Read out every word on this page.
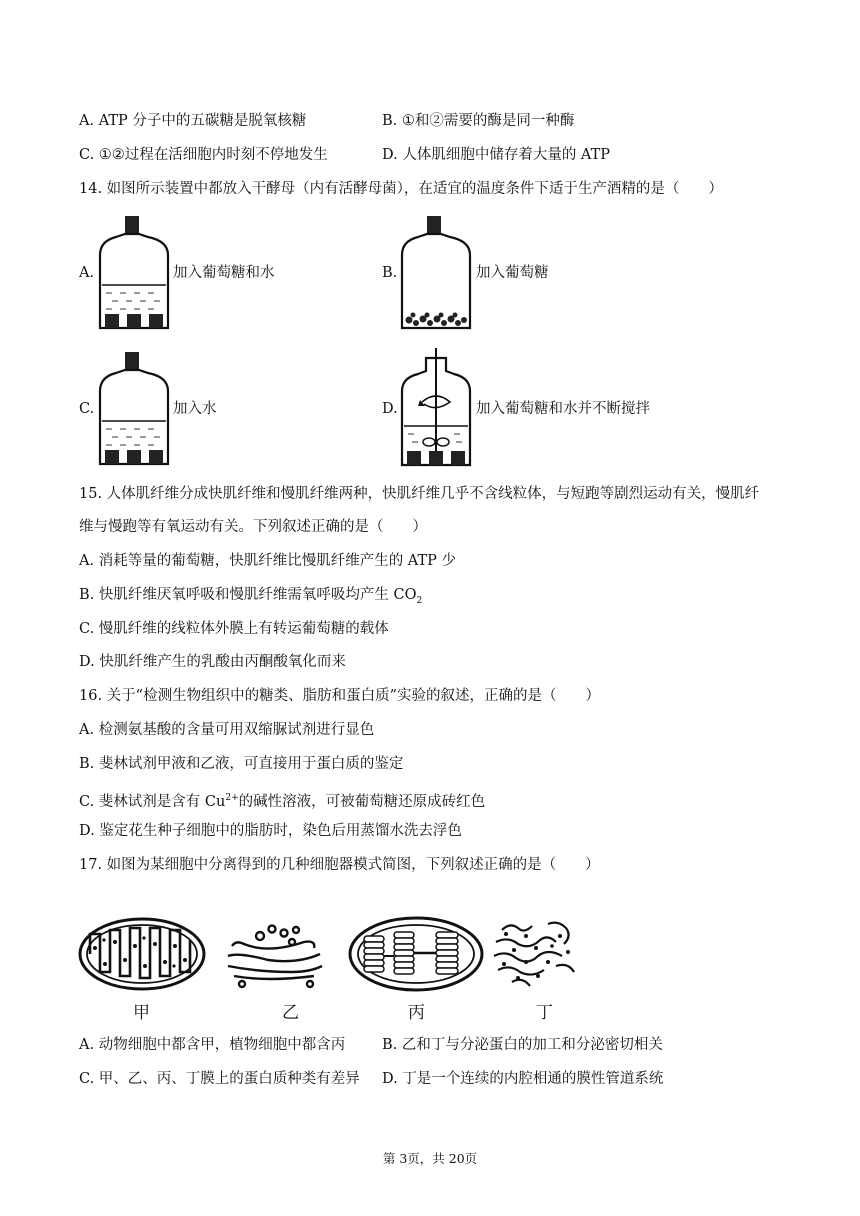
A. ATP 分子中的五碳糖是脱氧核糖	B. ①和②需要的酶是同一种酶
C. ①②过程在活细胞内时刻不停地发生	D. 人体肌细胞中储存着大量的 ATP
14. 如图所示装置中都放入干酵母（内有活酵母菌），在适宜的温度条件下适于生产酒精的是（　　）
A.	加入葡萄糖和水	B.	加入葡萄糖
C.	加入水	D.	加入葡萄糖和水并不断搅拌
15. 人体肌纤维分成快肌纤维和慢肌纤维两种，快肌纤维几乎不含线粒体，与短跑等剧烈运动有关，慢肌纤
维与慢跑等有氧运动有关。下列叙述正确的是（　　）
A. 消耗等量的葡萄糖，快肌纤维比慢肌纤维产生的 ATP 少
B. 快肌纤维厌氧呼吸和慢肌纤维需氧呼吸均产生 $CO_2$
C. 慢肌纤维的线粒体外膜上有转运葡萄糖的载体
D. 快肌纤维产生的乳酸由丙酮酸氧化而来
16. 关于“检测生物组织中的糖类、脂肪和蛋白质”实验的叙述，正确的是（　　）
A. 检测氨基酸的含量可用双缩脲试剂进行显色
B. 斐林试剂甲液和乙液，可直接用于蛋白质的鉴定
C. 斐林试剂是含有 $Cu^{2+}$的碱性溶液，可被葡萄糖还原成砖红色
D. 鉴定花生种子细胞中的脂肪时，染色后用蒸馏水洗去浮色
17. 如图为某细胞中分离得到的几种细胞器模式简图，下列叙述正确的是（　　）
甲	乙	丙	丁
A. 动物细胞中都含甲，植物细胞中都含丙	B. 乙和丁与分泌蛋白的加工和分泌密切相关
C. 甲、乙、丙、丁膜上的蛋白质种类有差异 D. 丁是一个连续的内腔相通的膜性管道系统
第 3页，共 20页
